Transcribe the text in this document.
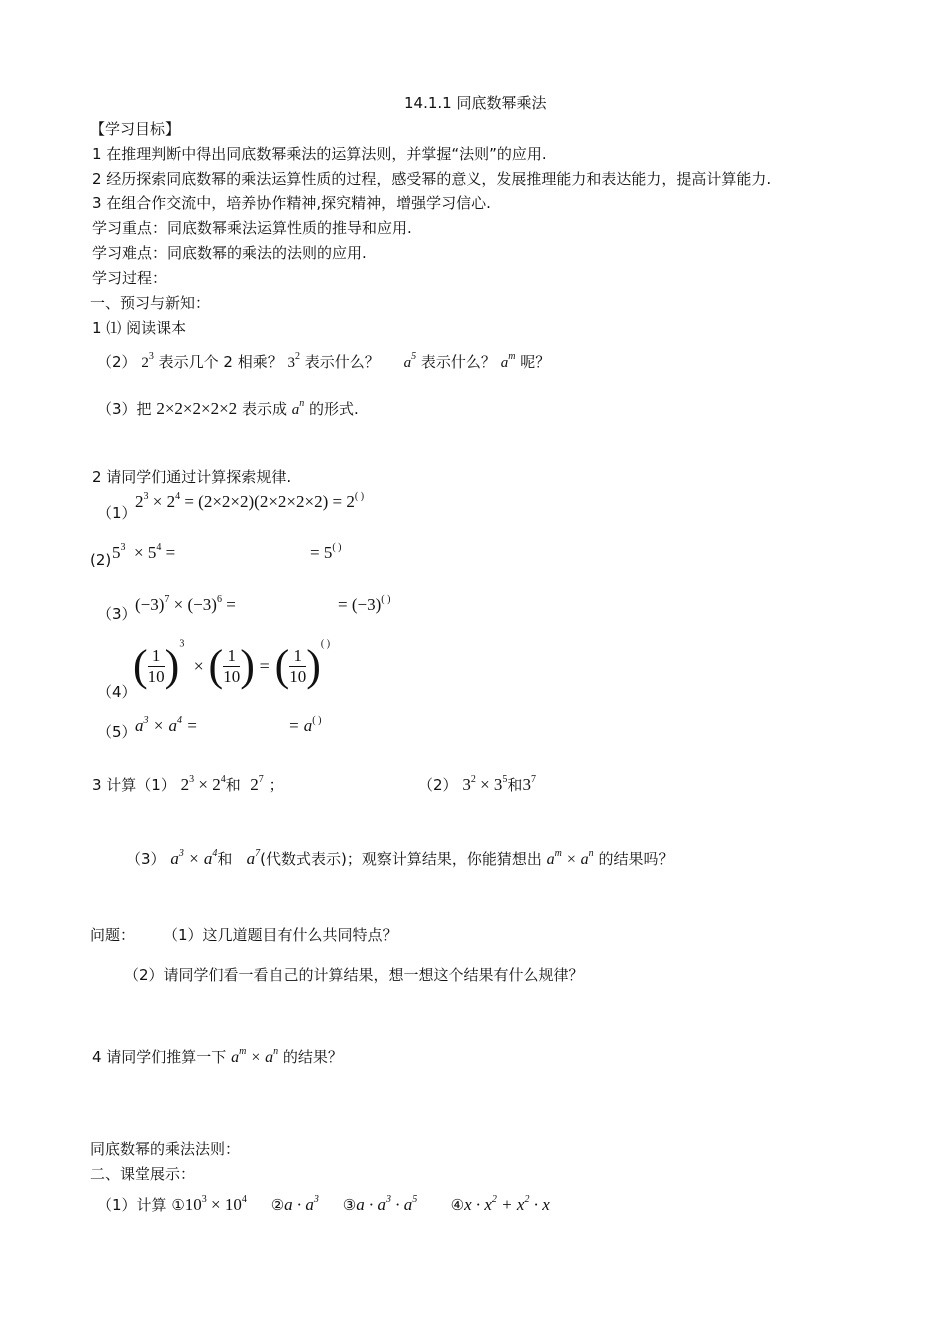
14.1.1 同底数幂乘法
【学习目标】
1 在推理判断中得出同底数幂乘法的运算法则，并掌握“法则”的应用.
2 经历探索同底数幂的乘法运算性质的过程，感受幂的意义，发展推理能力和表达能力，提高计算能力.
3 在组合作交流中，培养协作精神,探究精神，增强学习信心.
学习重点：同底数幂乘法运算性质的推导和应用.
学习难点：同底数幂的乘法的法则的应用.
学习过程：
一、预习与新知：
1 ⑴ 阅读课本
（2） $2^3$ 表示几个 2 相乘？ $3^2$ 表示什么？ $a^5$ 表示什么？ $a^m$ 呢？
（3）把 2×2×2×2×2 表示成 $a^n$ 的形式.
2 请同学们通过计算探索规律.
（1）
$2^3 \times 2^4 = (2\times 2\times 2)(2\times 2\times 2\times 2) = 2^{( )}$
(2) $5^3 \times 5^4$ =	= 5( )
（3）
$(-3)^7 \times (-3)^6$ =	= (−3)( )
（4）
( $\frac{1}{10} )^3$  × ( $\frac{1}{10}$ ) = ( $\frac{1}{10} )^{( )}$
（5）
$a^3 \times a^4$ =	= a( )
3 计算（1） $2^3 \times 2^4$和 $2^7$ ；	（2） $3^2 \times 3^5$和$3^7$
（3） $a^3 \times a^4$和 $a^7$(代数式表示)；观察计算结果，你能猜想出 $a^m \times a^n$ 的结果吗？
问题： （1）这几道题目有什么共同特点？
（2）请同学们看一看自己的计算结果，想一想这个结果有什么规律？
4 请同学们推算一下 $a^m \times a^n$ 的结果？
同底数幂的乘法法则：
二、课堂展示：
（1）计算 $①10^3 \times 10^4$ ②a · $a^3$ ③a · $a^3 \cdot a^5$ ④x · $x^2 + x^2 \cdot x$
